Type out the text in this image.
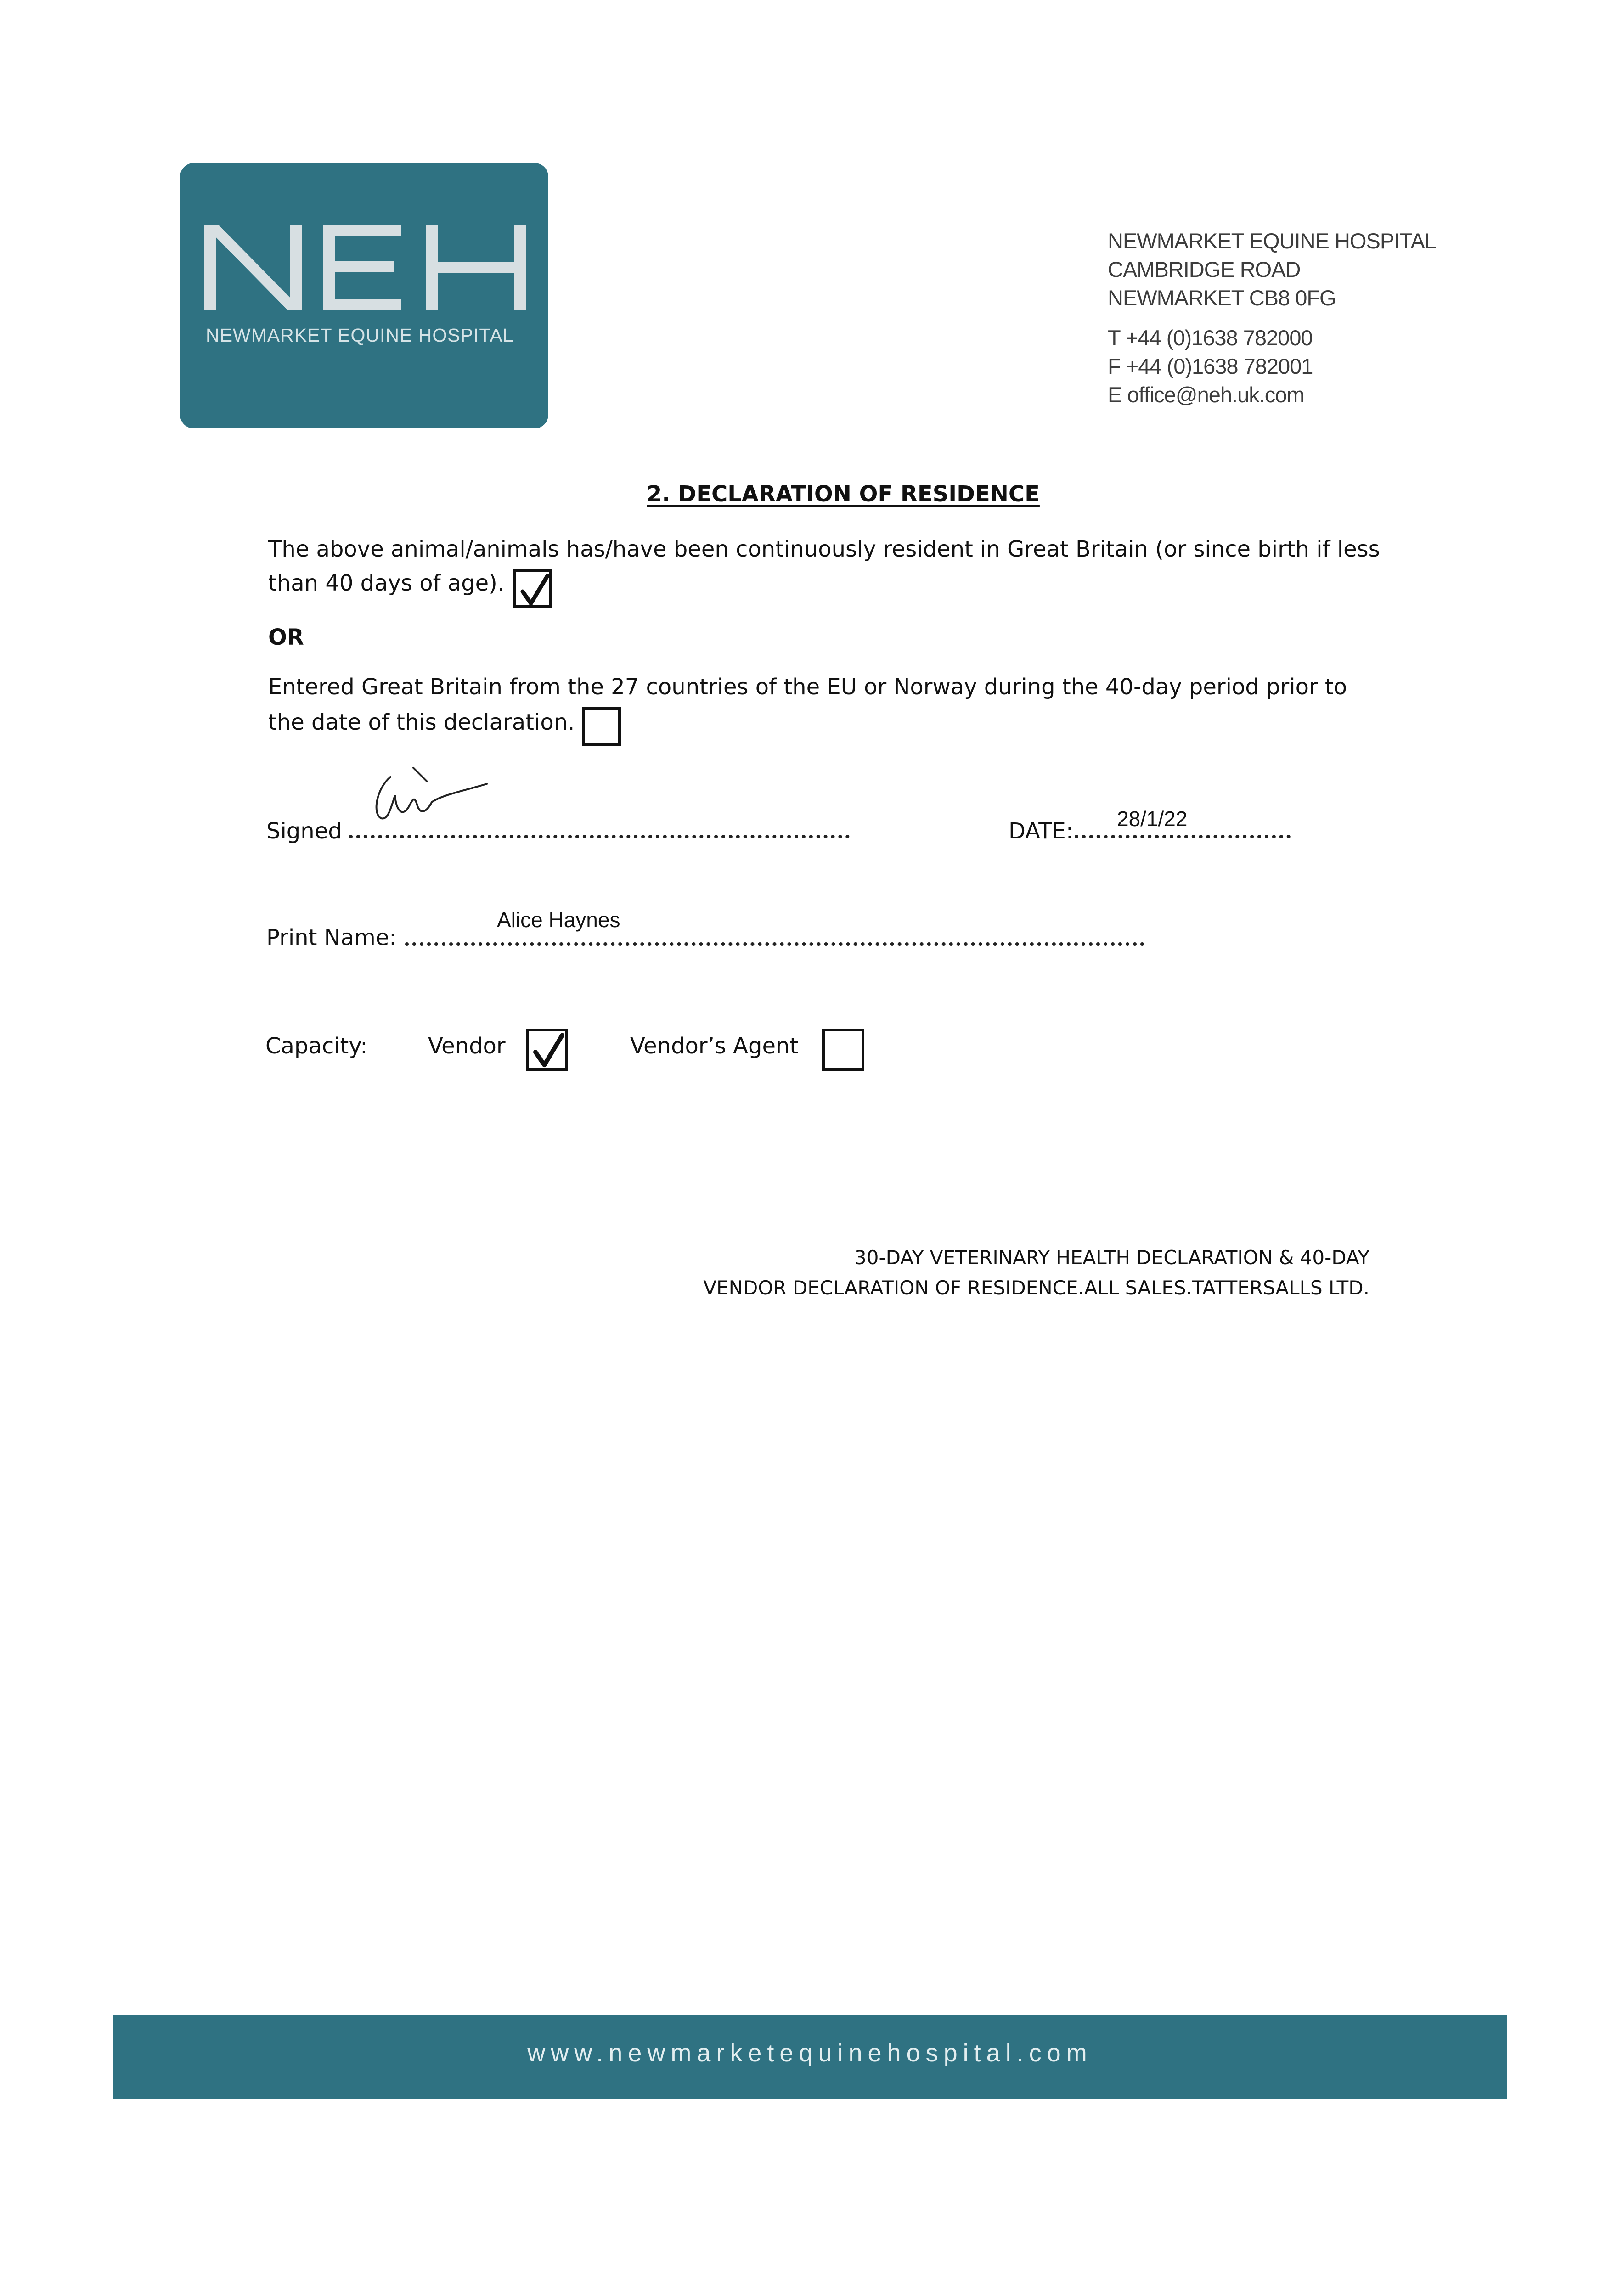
NEWMARKET EQUINE HOSPITAL
NEWMARKET EQUINE HOSPITAL
CAMBRIDGE ROAD
NEWMARKET CB8 0FG
T +44 (0)1638 782000
F +44 (0)1638 782001
E office@neh.uk.com
2. DECLARATION OF RESIDENCE
The above animal/animals has/have been continuously resident in Great Britain (or since birth if less
than 40 days of age).
OR
Entered Great Britain from the 27 countries of the EU or Norway during the 40-day period prior to
the date of this declaration.
Signed	DATE: 28/1/22
Print Name:
Alice Haynes
Capacity:	Vendor	Vendor’s Agent
30-DAY VETERINARY HEALTH DECLARATION & 40-DAY
VENDOR DECLARATION OF RESIDENCE.ALL SALES.TATTERSALLS LTD.
www.newmarketequinehospital.com
